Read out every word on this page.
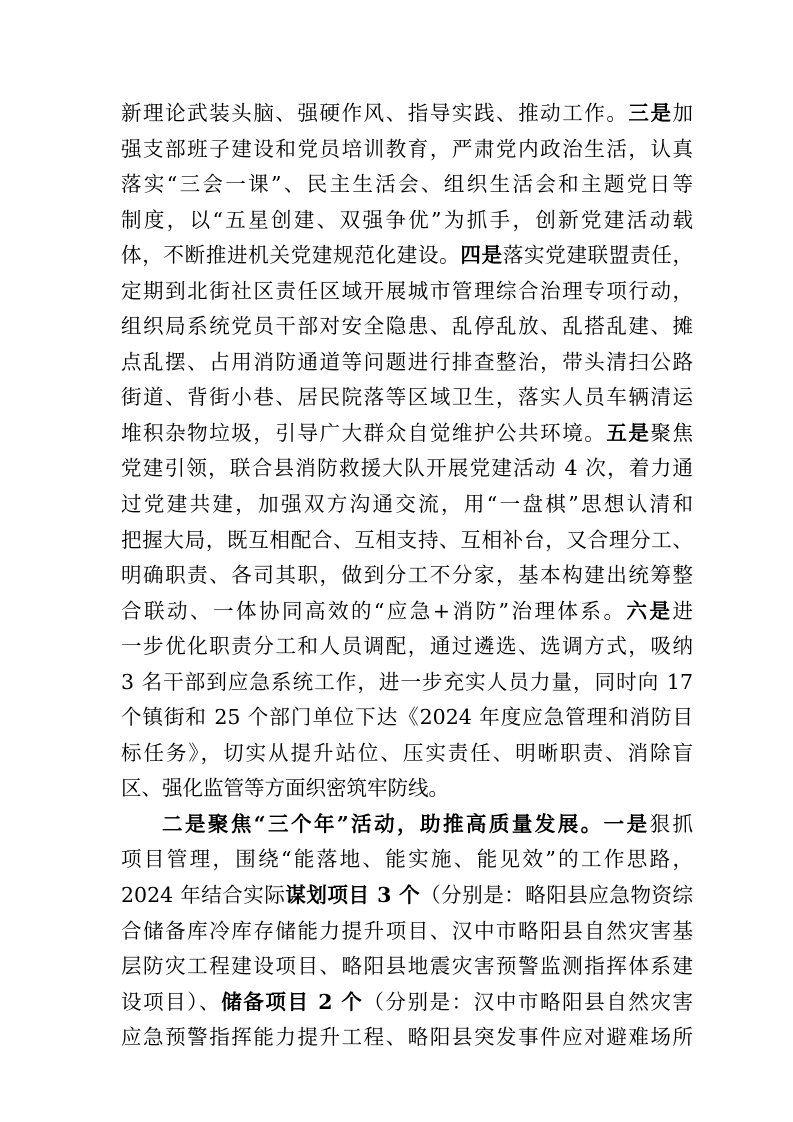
新理论武装头脑、强硬作风、指导实践、推动工作。三是加
强支部班子建设和党员培训教育，严肃党内政治生活，认真
落实“三会一课”、民主生活会、组织生活会和主题党日等
制度，以“五星创建、双强争优”为抓手，创新党建活动载
体，不断推进机关党建规范化建设。四是落实党建联盟责任，
定期到北街社区责任区域开展城市管理综合治理专项行动，
组织局系统党员干部对安全隐患、乱停乱放、乱搭乱建、摊
点乱摆、占用消防通道等问题进行排查整治，带头清扫公路
街道、背街小巷、居民院落等区域卫生，落实人员车辆清运
堆积杂物垃圾，引导广大群众自觉维护公共环境。五是聚焦
党建引领，联合县消防救援大队开展党建活动 4 次，着力通
过党建共建，加强双方沟通交流，用“一盘棋”思想认清和
把握大局，既互相配合、互相支持、互相补台，又合理分工、
明确职责、各司其职，做到分工不分家，基本构建出统筹整
合联动、一体协同高效的“应急+消防”治理体系。六是进
一步优化职责分工和人员调配，通过遴选、选调方式，吸纳
3 名干部到应急系统工作，进一步充实人员力量，同时向 17
个镇街和 25 个部门单位下达《2024 年度应急管理和消防目
标任务》，切实从提升站位、压实责任、明晰职责、消除盲
区、强化监管等方面织密筑牢防线。
二是聚焦“三个年”活动，助推高质量发展。一是狠抓
项目管理，围绕“能落地、能实施、能见效”的工作思路，
2024 年结合实际谋划项目 3 个（分别是：略阳县应急物资综
合储备库冷库存储能力提升项目、汉中市略阳县自然灾害基
层防灾工程建设项目、略阳县地震灾害预警监测指挥体系建
设项目）、储备项目 2 个（分别是：汉中市略阳县自然灾害
应急预警指挥能力提升工程、略阳县突发事件应对避难场所
